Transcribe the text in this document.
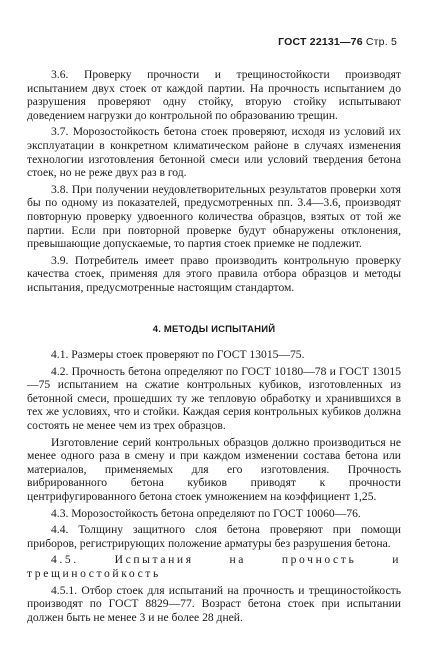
ГОСТ 22131—76 Стр. 5

3.6. Проверку прочности и трещиностойкости производят испытанием двух стоек от каждой партии. На прочность испытанием до разрушения проверяют одну стойку, вторую стойку испытывают доведением нагрузки до контрольной по образованию трещин.

3.7. Морозостойкость бетона стоек проверяют, исходя из условий их эксплуатации в конкретном климатическом районе в случаях изменения технологии изготовления бетонной смеси или условий твердения бетона стоек, но не реже двух раз в год.

3.8. При получении неудовлетворительных результатов проверки хотя бы по одному из показателей, предусмотренных пп. 3.4—3.6, производят повторную проверку удвоенного количества образцов, взятых от той же партии. Если при повторной проверке будут обнаружены отклонения, превышающие допускаемые, то партия стоек приемке не подлежит.

3.9. Потребитель имеет право производить контрольную проверку качества стоек, применяя для этого правила отбора образцов и методы испытания, предусмотренные настоящим стандартом.

4. МЕТОДЫ ИСПЫТАНИЙ

4.1. Размеры стоек проверяют по ГОСТ 13015—75.

4.2. Прочность бетона определяют по ГОСТ 10180—78 и ГОСТ 13015—75 испытанием на сжатие контрольных кубиков, изготовленных из бетонной смеси, прошедших ту же тепловую обработку и хранившихся в тех же условиях, что и стойки. Каждая серия контрольных кубиков должна состоять не менее чем из трех образцов.

Изготовление серий контрольных образцов должно производиться не менее одного раза в смену и при каждом изменении состава бетона или материалов, применяемых для его изготовления. Прочность вибрированного бетона кубиков приводят к прочности центрифугированного бетона стоек умножением на коэффициент 1,25.

4.3. Морозостойкость бетона определяют по ГОСТ 10060—76.

4.4. Толщину защитного слоя бетона проверяют при помощи приборов, регистрирующих положение арматуры без разрушения бетона.

4.5. Испытания на прочность и трещиностойкость

4.5.1. Отбор стоек для испытаний на прочность и трещиностойкость производят по ГОСТ 8829—77. Возраст бетона стоек при испытании должен быть не менее 3 и не более 28 дней.
